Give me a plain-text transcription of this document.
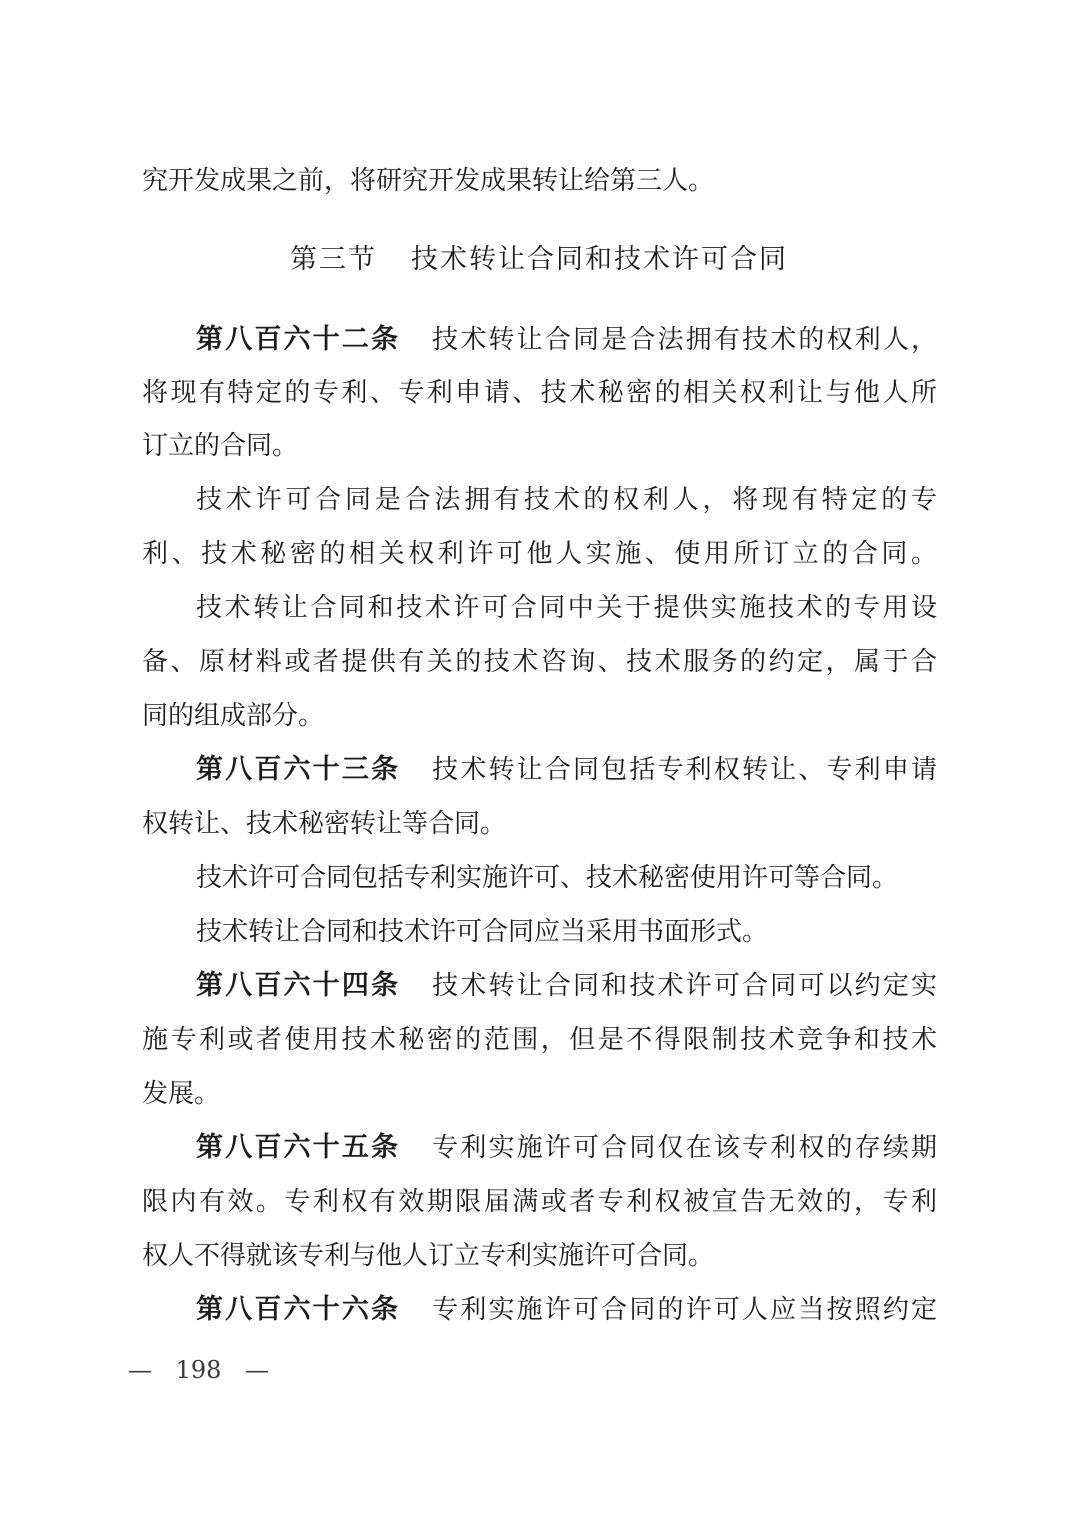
究开发成果之前，将研究开发成果转让给第三人。
第三节 技术转让合同和技术许可合同
第八百六十二条 技术转让合同是合法拥有技术的权利人，
将现有特定的专利、专利申请、技术秘密的相关权利让与他人所
订立的合同。
技术许可合同是合法拥有技术的权利人，将现有特定的专
利、技术秘密的相关权利许可他人实施、使用所订立的合同。
技术转让合同和技术许可合同中关于提供实施技术的专用设
备、原材料或者提供有关的技术咨询、技术服务的约定，属于合
同的组成部分。
第八百六十三条 技术转让合同包括专利权转让、专利申请
权转让、技术秘密转让等合同。
技术许可合同包括专利实施许可、技术秘密使用许可等合同。
技术转让合同和技术许可合同应当采用书面形式。
第八百六十四条 技术转让合同和技术许可合同可以约定实
施专利或者使用技术秘密的范围，但是不得限制技术竞争和技术
发展。
第八百六十五条 专利实施许可合同仅在该专利权的存续期
限内有效。专利权有效期限届满或者专利权被宣告无效的，专利
权人不得就该专利与他人订立专利实施许可合同。
第八百六十六条 专利实施许可合同的许可人应当按照约定
— 198 —
